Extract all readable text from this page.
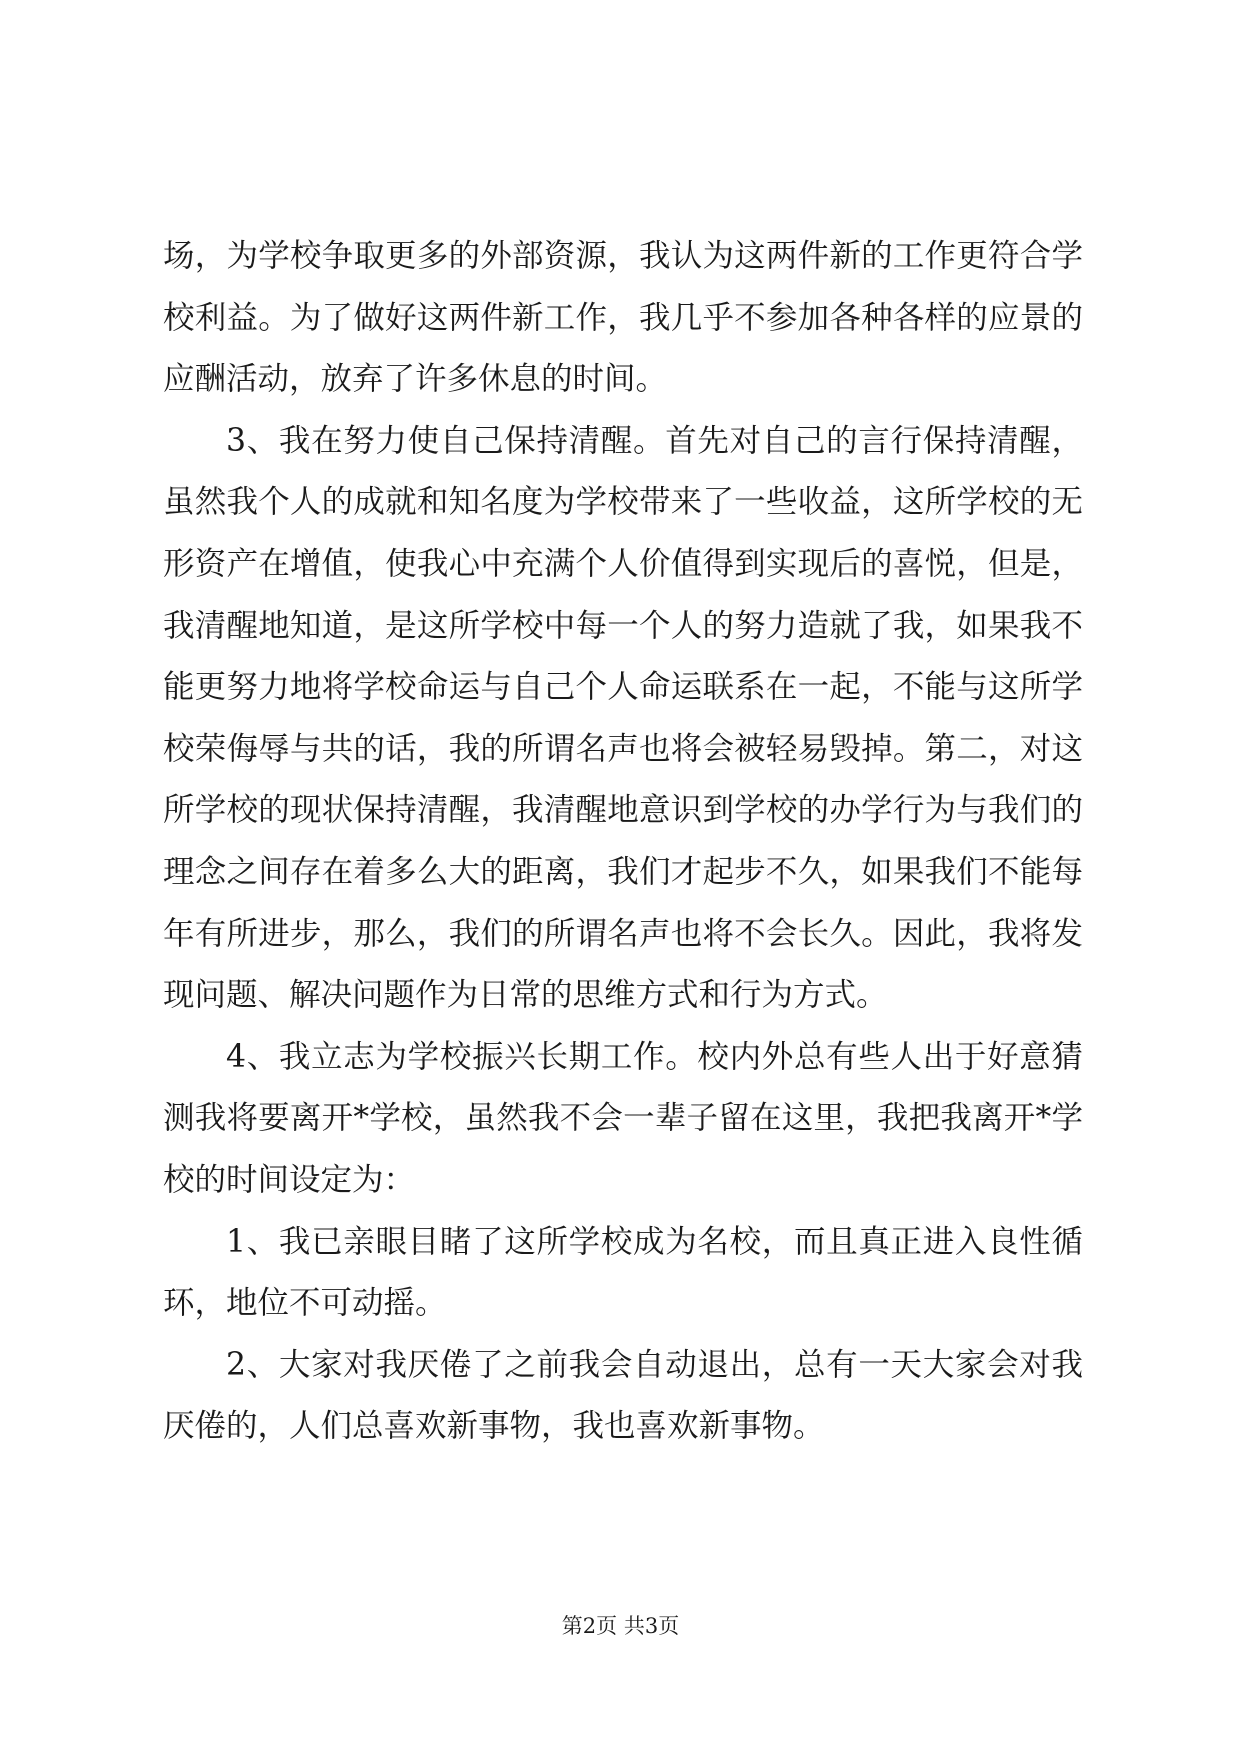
场，为学校争取更多的外部资源，我认为这两件新的工作更符合学校利益。为了做好这两件新工作，我几乎不参加各种各样的应景的应酬活动，放弃了许多休息的时间。

3、我在努力使自己保持清醒。首先对自己的言行保持清醒，虽然我个人的成就和知名度为学校带来了一些收益，这所学校的无形资产在增值，使我心中充满个人价值得到实现后的喜悦，但是，我清醒地知道，是这所学校中每一个人的努力造就了我，如果我不能更努力地将学校命运与自己个人命运联系在一起，不能与这所学校荣侮辱与共的话，我的所谓名声也将会被轻易毁掉。第二，对这所学校的现状保持清醒，我清醒地意识到学校的办学行为与我们的理念之间存在着多么大的距离，我们才起步不久，如果我们不能每年有所进步，那么，我们的所谓名声也将不会长久。因此，我将发现问题、解决问题作为日常的思维方式和行为方式。

4、我立志为学校振兴长期工作。校内外总有些人出于好意猜测我将要离开*学校，虽然我不会一辈子留在这里，我把我离开*学校的时间设定为：

1、我已亲眼目睹了这所学校成为名校，而且真正进入良性循环，地位不可动摇。

2、大家对我厌倦了之前我会自动退出，总有一天大家会对我厌倦的，人们总喜欢新事物，我也喜欢新事物。

第2页 共3页
